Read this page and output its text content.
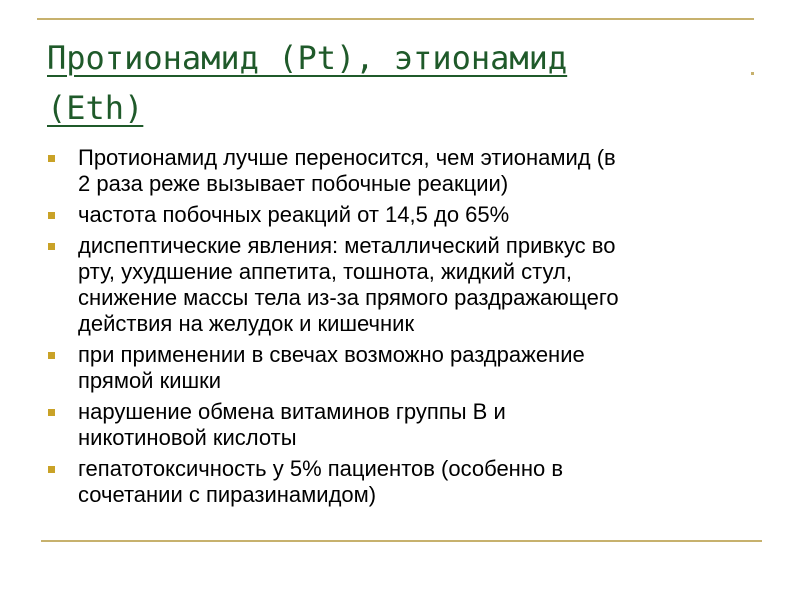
Протионамид (Pt), этионамид
(Eth)
Протионамид лучше переносится, чем этионамид (в
2 раза реже вызывает побочные реакции)
частота побочных реакций от 14,5 до 65%
диспептические явления: металлический привкус во
рту, ухудшение аппетита, тошнота, жидкий стул,
снижение массы тела из-за прямого раздражающего
действия на желудок и кишечник
при применении в свечах возможно раздражение
прямой кишки
нарушение обмена витаминов группы В и
никотиновой кислоты
гепатотоксичность у 5% пациентов (особенно в
сочетании с пиразинамидом)
